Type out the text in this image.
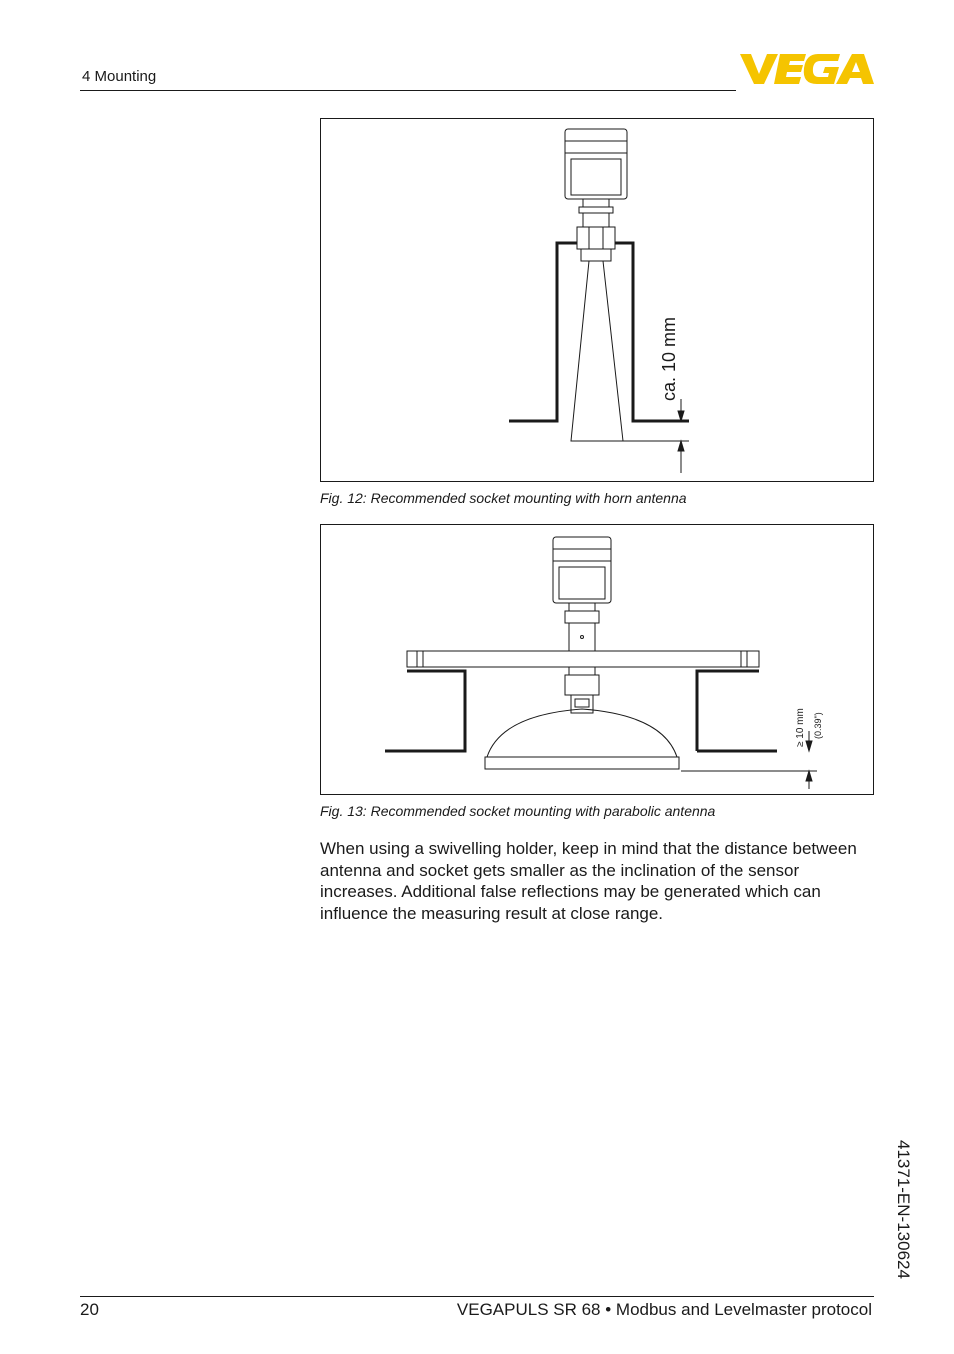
4 Mounting
ca. 10 mm
Fig. 12: Recommended socket mounting with horn antenna
≥ 10 mm (0.39")
Fig. 13: Recommended socket mounting with parabolic antenna
When using a swivelling holder, keep in mind that the distance between antenna and socket gets smaller as the inclination of the sensor increases. Additional false reflections may be generated which can influence the measuring result at close range.
41371-EN-130624
20	VEGAPULS SR 68 • Modbus and Levelmaster protocol
